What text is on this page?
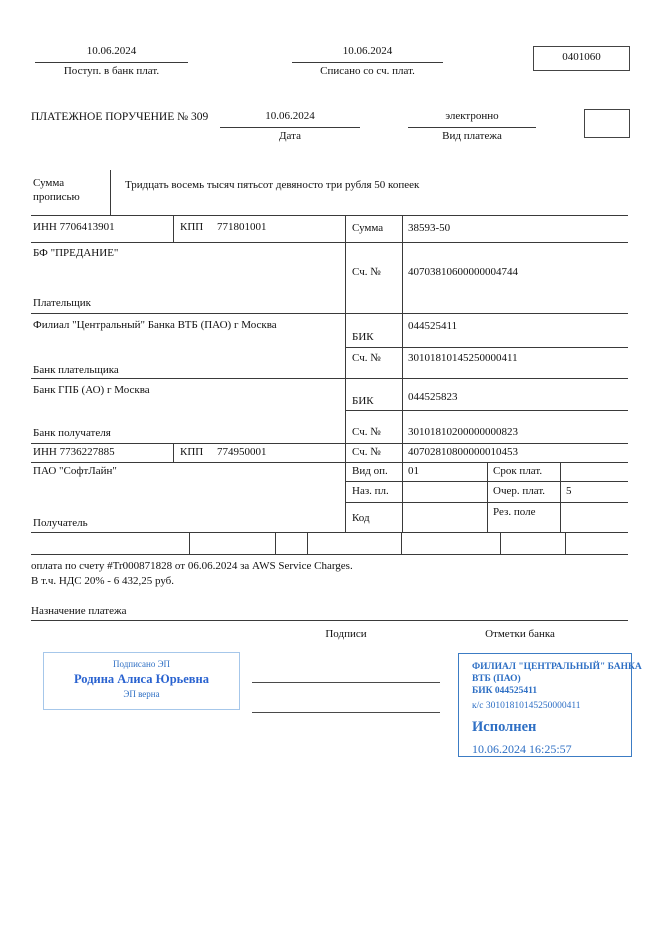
10.06.2024
Поступ. в банк плат.
10.06.2024
Списано со сч. плат.
0401060
ПЛАТЕЖНОЕ ПОРУЧЕНИЕ № 309	10.06.2024
Дата
электронно
Вид платежа
Сумма
прописью
Тридцать восемь тысяч пятьсот девяносто три рубля 50 копеек
ИНН 7706413901	КПП 771801001	Сумма 38593-50
БФ "ПРЕДАНИЕ"
Сч. № 40703810600000004744
Плательщик
Филиал "Центральный" Банка ВТБ (ПАО) г Москва
БИК
044525411
Сч. № 30101810145250000411
Банк плательщика
Банк ГПБ (АО) г Москва
БИК	044525823
Сч. № 30101810200000000823
Банк получателя
ИНН 7736227885	КПП 774950001	Сч. № 40702810800000010453
ПАО "СофтЛайн"	Вид оп. 01	Срок плат.
Наз. пл.	Очер. плат. 5
Код	Рез. поле
Получатель
оплата по счету #Tr000871828 от 06.06.2024 за AWS Service Charges.
В т.ч. НДС 20% - 6 432,25 руб.
Назначение платежа
Подписи	Отметки банка
Подписано ЭП
Родина Алиса Юрьевна
ЭП верна
ФИЛИАЛ "ЦЕНТРАЛЬНЫЙ" БАНКА
ВТБ (ПАО)
БИК 044525411
к/с 30101810145250000411
Исполнен
10.06.2024 16:25:57
